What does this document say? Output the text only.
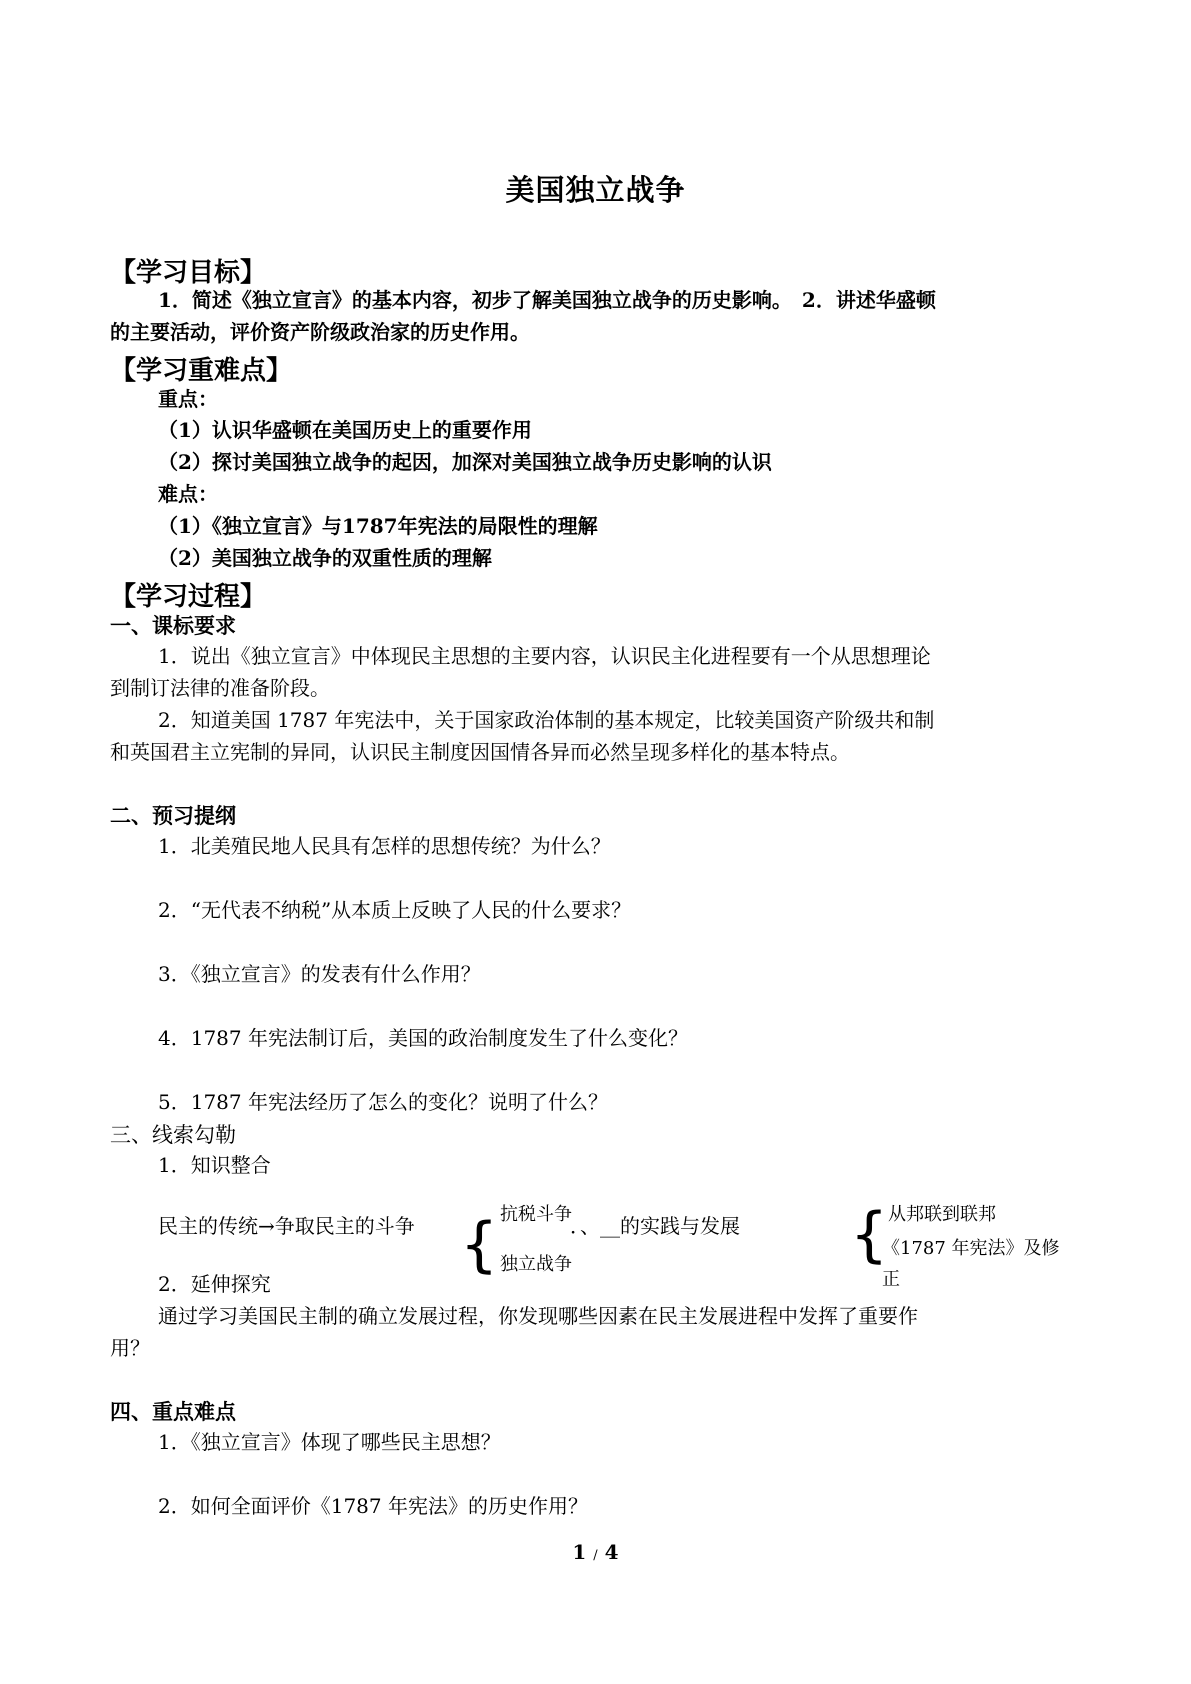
美国独立战争
【学习目标】
1．简述《独立宣言》的基本内容，初步了解美国独立战争的历史影响。　2．讲述华盛顿
的主要活动，评价资产阶级政治家的历史作用。
【学习重难点】
重点：
（1）认识华盛顿在美国历史上的重要作用
（2）探讨美国独立战争的起因，加深对美国独立战争历史影响的认识
难点：
（1）《独立宣言》与1787年宪法的局限性的理解
（2）美国独立战争的双重性质的理解
【学习过程】
一、课标要求
1．说出《独立宣言》中体现民主思想的主要内容，认识民主化进程要有一个从思想理论
到制订法律的准备阶段。
2．知道美国 1787 年宪法中，关于国家政治体制的基本规定，比较美国资产阶级共和制
和英国君主立宪制的异同，认识民主制度因国情各异而必然呈现多样化的基本特点。
二、预习提纲
1．北美殖民地人民具有怎样的思想传统？为什么？
2．“无代表不纳税”从本质上反映了人民的什么要求？
3．《独立宣言》的发表有什么作用？
4．1787 年宪法制订后，美国的政治制度发生了什么变化？
5．1787 年宪法经历了怎么的变化？说明了什么？
三、线索勾勒
1．知识整合
民主的传统→争取民主的斗争 { 抗税斗争
独立战争
．、__的实践与发展 { 从邦联到联邦
《1787 年宪法》及修
正
2．延伸探究
通过学习美国民主制的确立发展过程，你发现哪些因素在民主发展进程中发挥了重要作
用？
四、重点难点
1．《独立宣言》体现了哪些民主思想？
2．如何全面评价《1787 年宪法》的历史作用？
1 / 4
